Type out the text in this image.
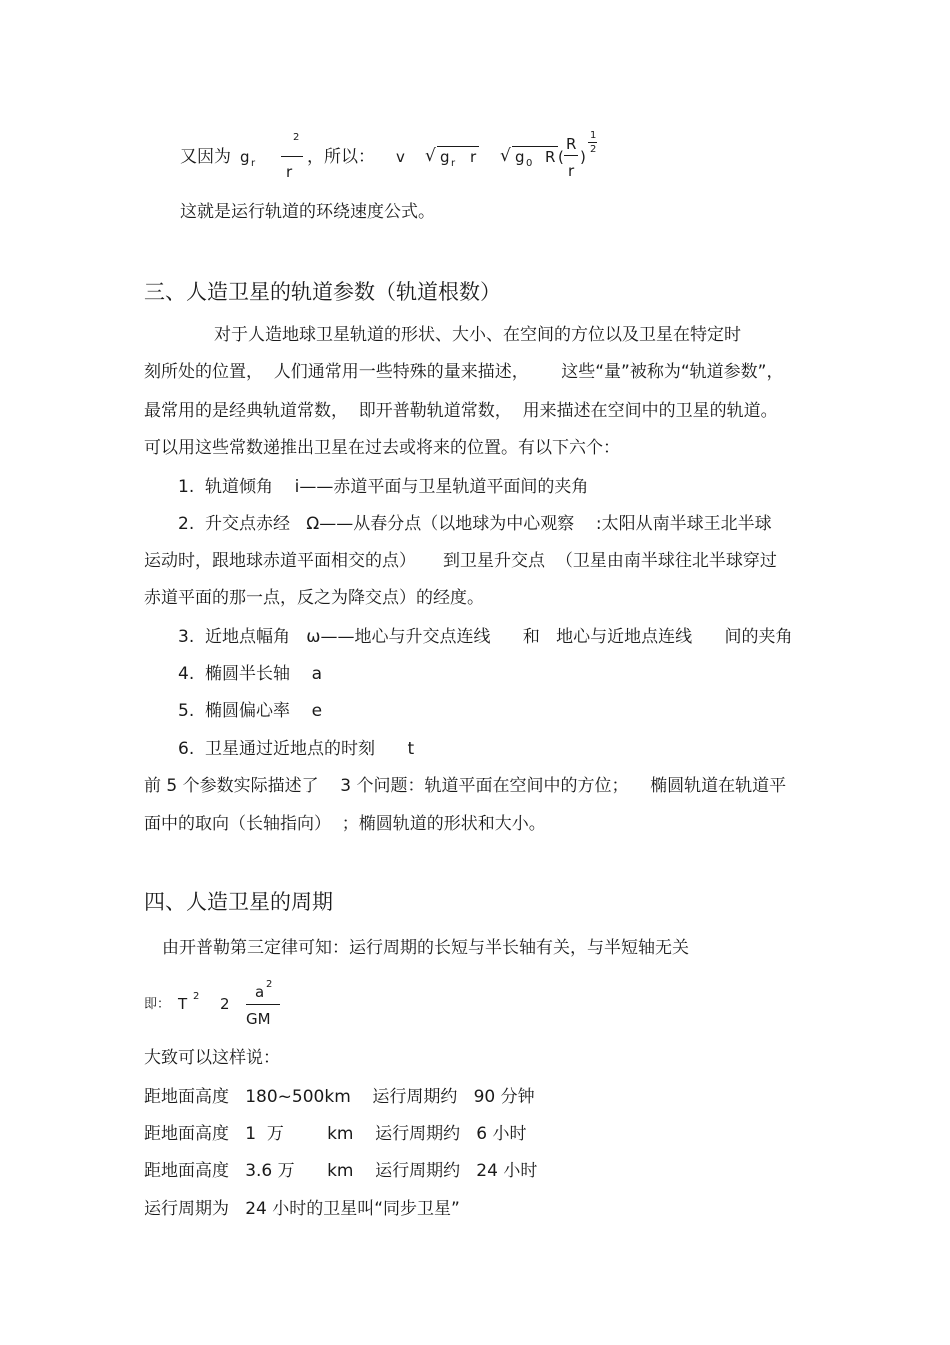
又因为 g r
2
r
，所以： v √ g r r √ g 0 R (
R
r
)
1
2
这就是运行轨道的环绕速度公式。
三、人造卫星的轨道参数（轨道根数）
对于人造地球卫星轨道的形状、大小、在空间的方位以及卫星在特定时
刻所处的位置，  人们通常用一些特殊的量来描述，      这些“量”被称为“轨道参数”，
最常用的是经典轨道常数，  即开普勒轨道常数，  用来描述在空间中的卫星的轨道。
可以用这些常数递推出卫星在过去或将来的位置。有以下六个：
1.  轨道倾角    i——赤道平面与卫星轨道平面间的夹角
2.  升交点赤经   Ω——从春分点（以地球为中心观察    :太阳从南半球王北半球
运动时，跟地球赤道平面相交的点）     到卫星升交点  （卫星由南半球往北半球穿过
赤道平面的那一点，反之为降交点）的经度。
3.  近地点幅角   ω——地心与升交点连线      和   地心与近地点连线      间的夹角
4.  椭圆半长轴    a
5.  椭圆偏心率    e
6.  卫星通过近地点的时刻      t
前 5 个参数实际描述了    3 个问题：轨道平面在空间中的方位；    椭圆轨道在轨道平
面中的取向（长轴指向）  ；椭圆轨道的形状和大小。
四、人造卫星的周期
由开普勒第三定律可知：运行周期的长短与半长轴有关，与半短轴无关
即： T 2 2
a 2
GM
大致可以这样说：
距地面高度   180~500km    运行周期约   90 分钟
距地面高度   1  万        km    运行周期约   6 小时
距地面高度   3.6 万      km    运行周期约   24 小时
运行周期为   24 小时的卫星叫“同步卫星”
